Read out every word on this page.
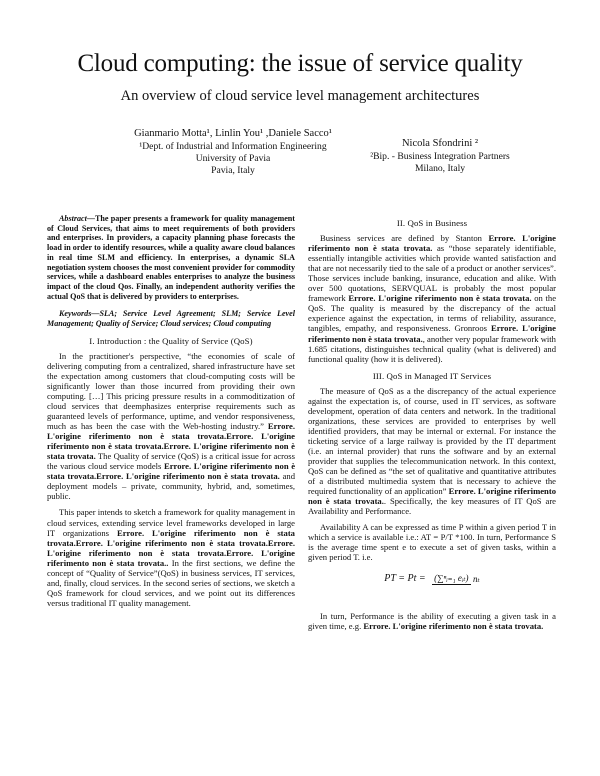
Cloud computing: the issue of service quality
An overview of cloud service level management architectures
Gianmario Motta¹, Linlin You¹ ,Daniele Sacco¹
¹Dept. of Industrial and Information Engineering
University of Pavia
Pavia, Italy
Nicola Sfondrini ²
²Bip. - Business Integration Partners
Milano, Italy
Abstract—The paper presents a framework for quality management of Cloud Services, that aims to meet requirements of both providers and enterprises. In providers, a capacity planning phase forecasts the load in order to identify resources, while a quality aware cloud balances in real time SLM and efficiency. In enterprises, a dynamic SLA negotiation system chooses the most convenient provider for commodity services, while a dashboard enables enterprises to analyze the business impact of the cloud Qos. Finally, an independent authority verifies the actual QoS that is delivered by providers to enterprises.
Keywords—SLA; Service Level Agreement; SLM; Service Level Management; Quality of Service; Cloud services; Cloud computing
I. Introduction : the Quality of Service (QoS)

In the practitioner's perspective, “the economies of scale of delivering computing from a centralized, shared infrastructure have set the expectation among customers that cloud-computing costs will be significantly lower than those incurred from providing their own computing. […] This pricing pressure results in a commoditization of cloud services that deemphasizes enterprise requirements such as guaranteed levels of performance, uptime, and vendor responsiveness, much as has been the case with the Web-hosting industry.” Errore. L'origine riferimento non è stata trovata.Errore. L'origine riferimento non è stata trovata.Errore. L'origine riferimento non è stata trovata. The Quality of service (QoS) is a critical issue for across the various cloud service models Errore. L'origine riferimento non è stata trovata.Errore. L'origine riferimento non è stata trovata. and deployment models – private, community, hybrid, and, sometimes, public.

This paper intends to sketch a framework for quality management in cloud services, extending service level frameworks developed in large IT organizations Errore. L'origine riferimento non è stata trovata.Errore. L'origine riferimento non è stata trovata.Errore. L'origine riferimento non è stata trovata.Errore. L'origine riferimento non è stata trovata.. In the first sections, we define the concept of “Quality of Service”(QoS) in business services, IT services, and, finally, cloud services. In the second series of sections, we sketch a QoS framework for cloud services, and we point out its differences versus traditional IT quality management.

II. QoS in Business

Business services are defined by Stanton Errore. L'origine riferimento non è stata trovata. as “those separately identifiable, essentially intangible activities which provide wanted satisfaction and that are not necessarily tied to the sale of a product or another services”. Those services include banking, insurance, education and alike. With over 500 quotations, SERVQUAL is probably the most popular framework Errore. L'origine riferimento non è stata trovata. on the QoS. The quality is measured by the discrepancy of the actual experience against the expectation, in terms of reliability, assurance, tangibles, empathy, and responsiveness. Gronroos Errore. L'origine riferimento non è stata trovata., another very popular framework with 1.685 citations, distinguishes technical quality (what is delivered) and functional quality (how it is delivered).

III. QoS in Managed IT Services

The measure of QoS as a the discrepancy of the actual experience against the expectation is, of course, used in IT services, as software development, operation of data centers and network. In the traditional organizations, these services are provided to enterprises by well identified providers, that may be internal or external. For instance the ticketing service of a large railway is provided by the IT department (i.e. an internal provider) that runs the software and by an external provider that supplies the telecommunication network. In this context, QoS can be defined as “the set of qualitative and quantitative attributes of a distributed multimedia system that is necessary to achieve the required functionality of an application” Errore. L'origine riferimento non è stata trovata.. Specifically, the key measures of IT QoS are Availability and Performance.

Availability A can be expressed as time P within a given period T in which a service is available i.e.: AT = P/T *100. In turn, Performance S is the average time spent e to execute a set of given tasks, within a given period T. i.e.

PT = Pt = (∑ⁿᵢ₌₁ eᵢₜ) nₜ

In turn, Performance is the ability of executing a given task in a given time, e.g. Errore. L'origine riferimento non è stata trovata.
